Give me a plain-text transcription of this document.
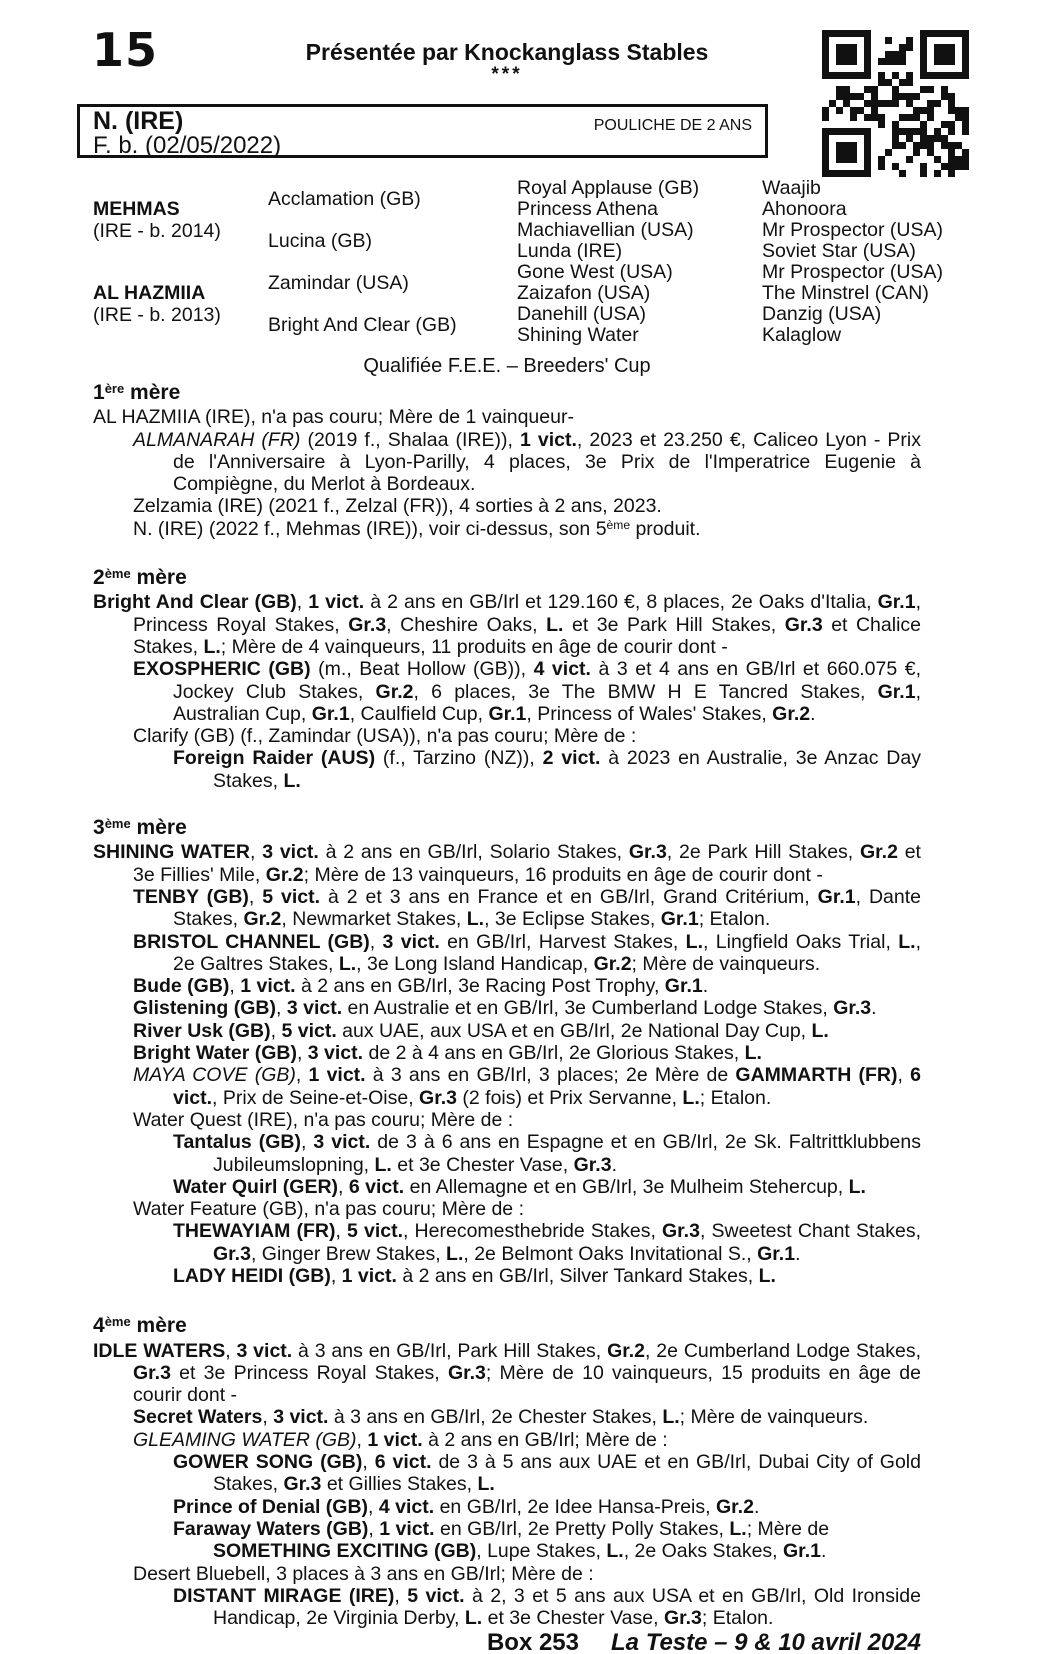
15	Présentée par Knockanglass Stables
***
N. (IRE)
F. b. (02/05/2022)
POULICHE DE 2 ANS
MEHMAS
(IRE - b. 2014)
AL HAZMIIA
(IRE - b. 2013)
Acclamation (GB)
Lucina (GB)
Zamindar (USA)
Bright And Clear (GB)
Royal Applause (GB)
Princess Athena
Machiavellian (USA)
Lunda (IRE)
Gone West (USA)
Zaizafon (USA)
Danehill (USA)
Shining Water
Waajib
Ahonoora
Mr Prospector (USA)
Soviet Star (USA)
Mr Prospector (USA)
The Minstrel (CAN)
Danzig (USA)
Kalaglow
Qualifiée F.E.E. – Breeders' Cup
1ère mère

AL HAZMIIA (IRE), n'a pas couru; Mère de 1 vainqueur-

ALMANARAH (FR) (2019 f., Shalaa (IRE)), 1 vict., 2023 et 23.250 €, Caliceo Lyon - Prix de l'Anniversaire à Lyon-Parilly, 4 places, 3e Prix de l'Imperatrice Eugenie à Compiègne, du Merlot à Bordeaux.

Zelzamia (IRE) (2021 f., Zelzal (FR)), 4 sorties à 2 ans, 2023.

N. (IRE) (2022 f., Mehmas (IRE)), voir ci-dessus, son 5ème produit.

2ème mère

Bright And Clear (GB), 1 vict. à 2 ans en GB/Irl et 129.160 €, 8 places, 2e Oaks d'Italia, Gr.1, Princess Royal Stakes, Gr.3, Cheshire Oaks, L. et 3e Park Hill Stakes, Gr.3 et Chalice Stakes, L.; Mère de 4 vainqueurs, 11 produits en âge de courir dont -

EXOSPHERIC (GB) (m., Beat Hollow (GB)), 4 vict. à 3 et 4 ans en GB/Irl et 660.075 €, Jockey Club Stakes, Gr.2, 6 places, 3e The BMW H E Tancred Stakes, Gr.1, Australian Cup, Gr.1, Caulfield Cup, Gr.1, Princess of Wales' Stakes, Gr.2.

Clarify (GB) (f., Zamindar (USA)), n'a pas couru; Mère de :

Foreign Raider (AUS) (f., Tarzino (NZ)), 2 vict. à 2023 en Australie, 3e Anzac Day Stakes, L.

3ème mère

SHINING WATER, 3 vict. à 2 ans en GB/Irl, Solario Stakes, Gr.3, 2e Park Hill Stakes, Gr.2 et 3e Fillies' Mile, Gr.2; Mère de 13 vainqueurs, 16 produits en âge de courir dont -

TENBY (GB), 5 vict. à 2 et 3 ans en France et en GB/Irl, Grand Critérium, Gr.1, Dante Stakes, Gr.2, Newmarket Stakes, L., 3e Eclipse Stakes, Gr.1; Etalon.

BRISTOL CHANNEL (GB), 3 vict. en GB/Irl, Harvest Stakes, L., Lingfield Oaks Trial, L., 2e Galtres Stakes, L., 3e Long Island Handicap, Gr.2; Mère de vainqueurs.

Bude (GB), 1 vict. à 2 ans en GB/Irl, 3e Racing Post Trophy, Gr.1.

Glistening (GB), 3 vict. en Australie et en GB/Irl, 3e Cumberland Lodge Stakes, Gr.3.

River Usk (GB), 5 vict. aux UAE, aux USA et en GB/Irl, 2e National Day Cup, L.

Bright Water (GB), 3 vict. de 2 à 4 ans en GB/Irl, 2e Glorious Stakes, L.

MAYA COVE (GB), 1 vict. à 3 ans en GB/Irl, 3 places; 2e Mère de GAMMARTH (FR), 6 vict., Prix de Seine-et-Oise, Gr.3 (2 fois) et Prix Servanne, L.; Etalon.

Water Quest (IRE), n'a pas couru; Mère de :

Tantalus (GB), 3 vict. de 3 à 6 ans en Espagne et en GB/Irl, 2e Sk. Faltrittklubbens Jubileumslopning, L. et 3e Chester Vase, Gr.3.

Water Quirl (GER), 6 vict. en Allemagne et en GB/Irl, 3e Mulheim Stehercup, L.

Water Feature (GB), n'a pas couru; Mère de :

THEWAYIAM (FR), 5 vict., Herecomesthebride Stakes, Gr.3, Sweetest Chant Stakes, Gr.3, Ginger Brew Stakes, L., 2e Belmont Oaks Invitational S., Gr.1.

LADY HEIDI (GB), 1 vict. à 2 ans en GB/Irl, Silver Tankard Stakes, L.

4ème mère

IDLE WATERS, 3 vict. à 3 ans en GB/Irl, Park Hill Stakes, Gr.2, 2e Cumberland Lodge Stakes, Gr.3 et 3e Princess Royal Stakes, Gr.3; Mère de 10 vainqueurs, 15 produits en âge de courir dont -

Secret Waters, 3 vict. à 3 ans en GB/Irl, 2e Chester Stakes, L.; Mère de vainqueurs.

GLEAMING WATER (GB), 1 vict. à 2 ans en GB/Irl; Mère de :

GOWER SONG (GB), 6 vict. de 3 à 5 ans aux UAE et en GB/Irl, Dubai City of Gold Stakes, Gr.3 et Gillies Stakes, L.

Prince of Denial (GB), 4 vict. en GB/Irl, 2e Idee Hansa-Preis, Gr.2.

Faraway Waters (GB), 1 vict. en GB/Irl, 2e Pretty Polly Stakes, L.; Mère de

SOMETHING EXCITING (GB), Lupe Stakes, L., 2e Oaks Stakes, Gr.1.

Desert Bluebell, 3 places à 3 ans en GB/Irl; Mère de :

DISTANT MIRAGE (IRE), 5 vict. à 2, 3 et 5 ans aux USA et en GB/Irl, Old Ironside Handicap, 2e Virginia Derby, L. et 3e Chester Vase, Gr.3; Etalon.

Box 253 La Teste – 9 & 10 avril 2024
